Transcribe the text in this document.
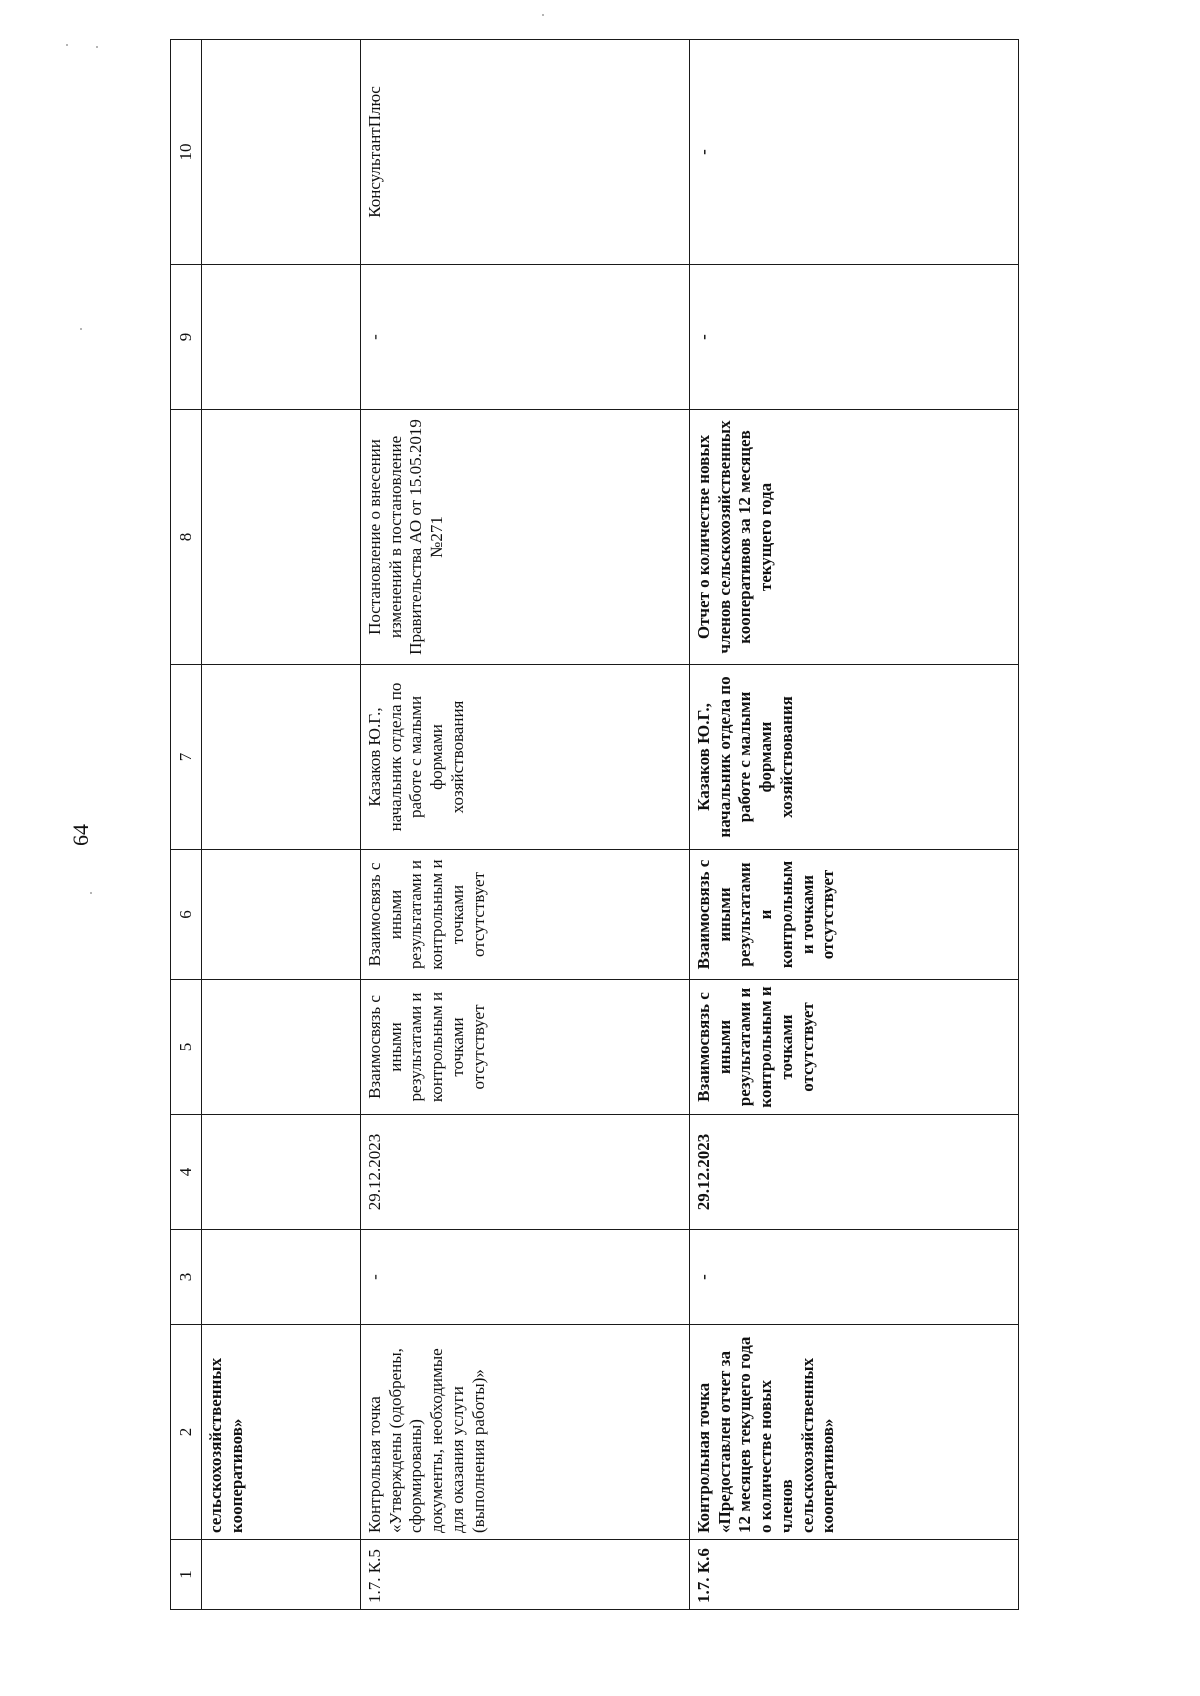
64
1	2	3	4	5	6	7	8	9	10
	сельскохозяйственных кооперативов»								
1.7. К.5	Контрольная точка «Утверждены (одобрены, сформированы) документы, необходимые для оказания услуги (выполнения работы)»	-	29.12.2023	Взаимосвязь с иными результатами и контрольным и точками отсутствует	Взаимосвязь с иными результатами и контрольным и точками отсутствует	Казаков Ю.Г., начальник отдела по работе с малыми формами хозяйствования	Постановление о внесении изменений в постановление Правительства АО от 15.05.2019 №271	-	КонсультантПлюс
1.7. К.6	Контрольная точка «Предоставлен отчет за 12 месяцев текущего года о количестве новых членов сельскохозяйственных кооперативов»	-	29.12.2023	Взаимосвязь с иными результатами и контрольным и точками отсутствует	Взаимосвязь с иными результатами и контрольным и точками отсутствует	Казаков Ю.Г., начальник отдела по работе с малыми формами хозяйствования	Отчет о количестве новых членов сельскохозяйственных кооперативов за 12 месяцев текущего года	-	-
